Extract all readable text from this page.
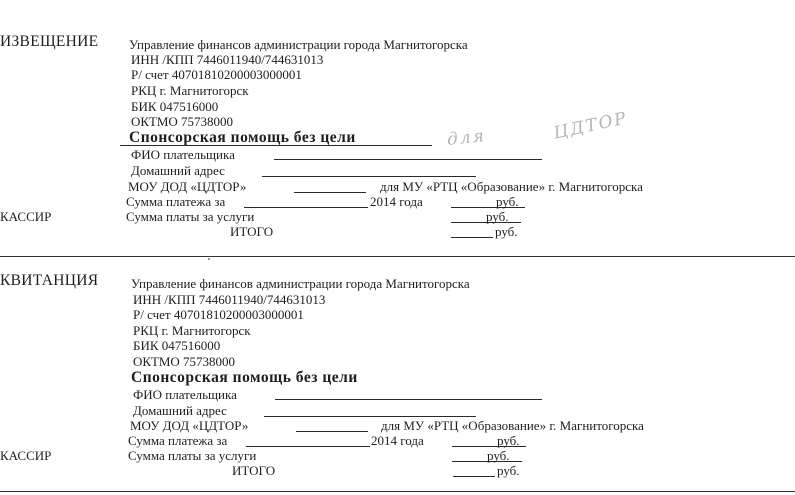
ИЗВЕЩЕНИЕ Управление финансов администрации города Магнитогорска
ИНН /КПП 7446011940/744631013
Р/ счет 40701810200003000001
РКЦ г. Магнитогорск
БИК 047516000
ОКТМО 75738000
Спонсорская помощь без цели	для	ЦДТОР
ФИО плательщика
Домашний адрес
МОУ ДОД «ЦДТОР»	для МУ «РТЦ «Образование» г. Магнитогорска
Сумма платежа за	2014 года	руб.
КАССИР	Сумма платы за услуги	руб.
ИТОГО	руб.
КВИТАНЦИЯ	Управление финансов администрации города Магнитогорска
ИНН /КПП 7446011940/744631013
Р/ счет 40701810200003000001
РКЦ г. Магнитогорск
БИК 047516000
ОКТМО 75738000
Спонсорская помощь без цели
ФИО плательщика
Домашний адрес
МОУ ДОД «ЦДТОР»	для МУ «РТЦ «Образование» г. Магнитогорска
Сумма платежа за	2014 года	руб.
КАССИР	Сумма платы за услуги	руб.
ИТОГО	руб.
